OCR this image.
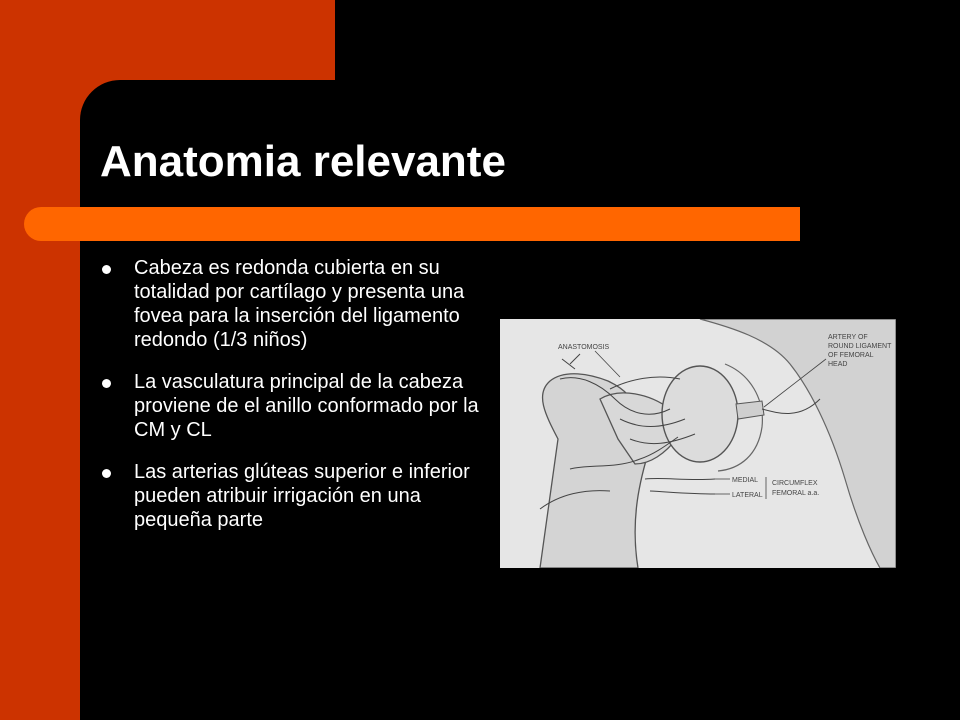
Anatomia relevante
Cabeza es redonda cubierta en su totalidad por cartílago y presenta una fovea para la inserción del ligamento redondo (1/3 niños)
La vasculatura principal de la cabeza proviene de el anillo conformado por la CM y CL
Las arterias glúteas superior e inferior pueden atribuir irrigación en una pequeña parte
ANASTOMOSIS
ARTERY OF
ROUND LIGAMENT
OF FEMORAL
HEAD
MEDIAL
LATERAL
CIRCUMFLEX
FEMORAL a.a.
